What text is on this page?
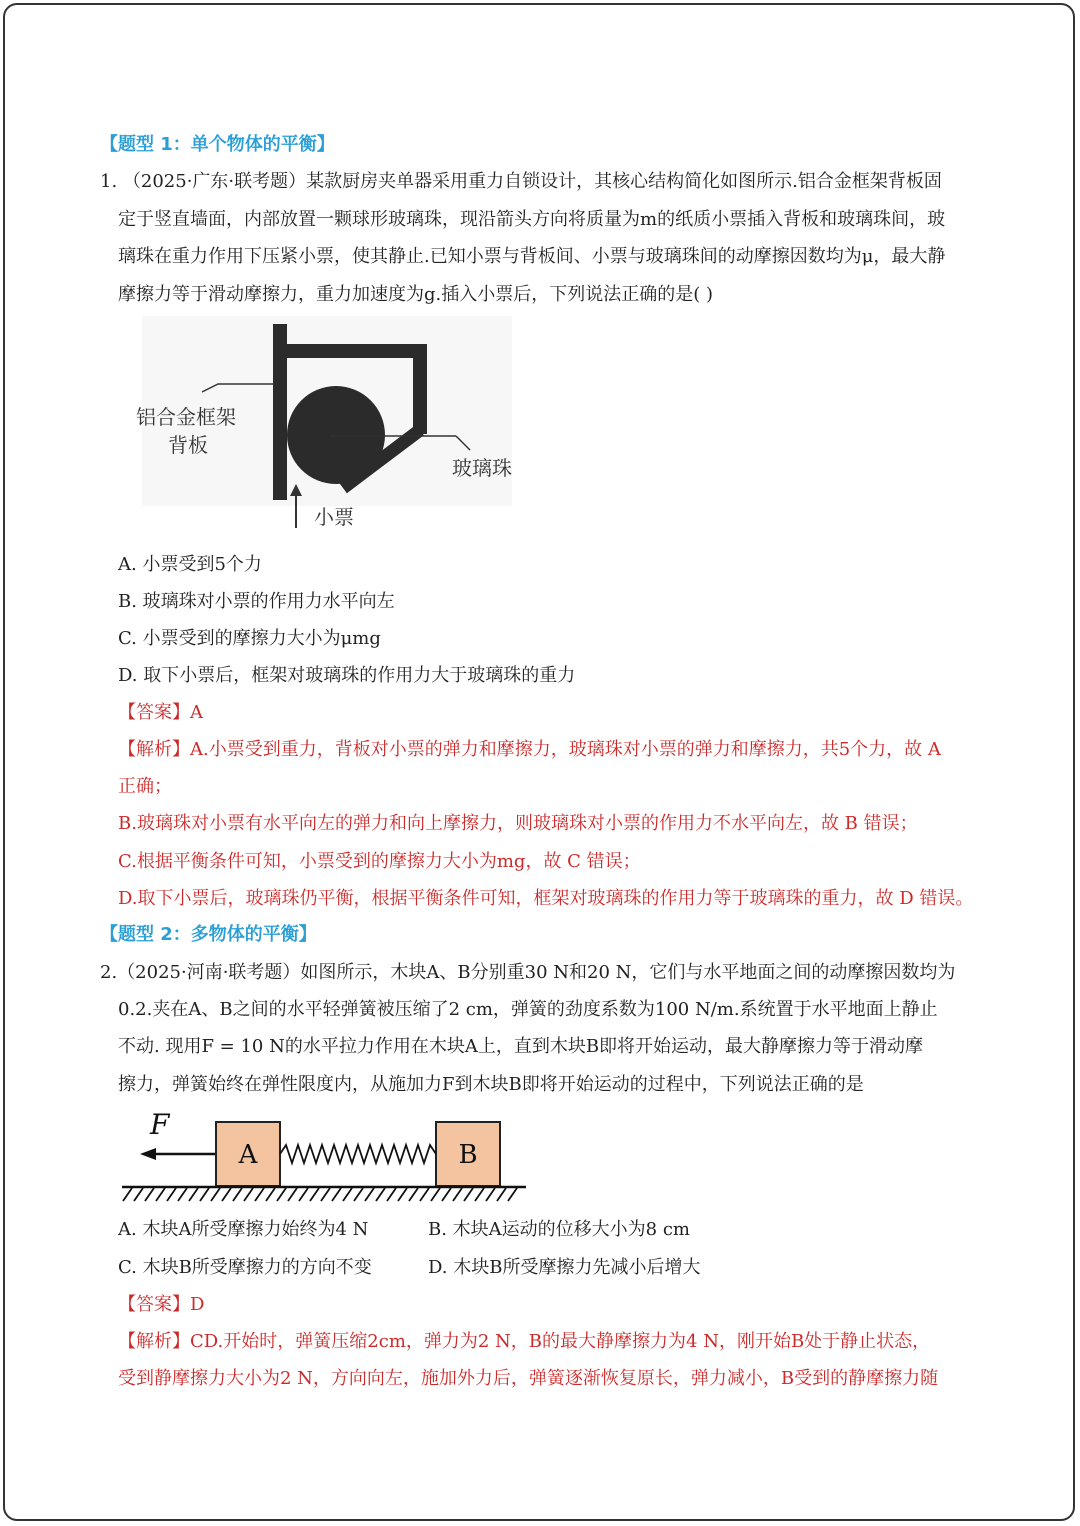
【题型 1：单个物体的平衡】
1. （2025·广东·联考题）某款厨房夹单器采用重力自锁设计，其核心结构简化如图所示.铝合金框架背板固
定于竖直墙面，内部放置一颗球形玻璃珠，现沿箭头方向将质量为m的纸质小票插入背板和玻璃珠间，玻
璃珠在重力作用下压紧小票，使其静止.已知小票与背板间、小票与玻璃珠间的动摩擦因数均为μ，最大静
摩擦力等于滑动摩擦力，重力加速度为g.插入小票后，下列说法正确的是( )
铝合金框架
背板
玻璃珠
小票
A. 小票受到5个力
B. 玻璃珠对小票的作用力水平向左
C. 小票受到的摩擦力大小为μmg
D. 取下小票后，框架对玻璃珠的作用力大于玻璃珠的重力
【答案】A
【解析】A.小票受到重力，背板对小票的弹力和摩擦力，玻璃珠对小票的弹力和摩擦力，共5个力，故 A
正确；
B.玻璃珠对小票有水平向左的弹力和向上摩擦力，则玻璃珠对小票的作用力不水平向左，故 B 错误；
C.根据平衡条件可知，小票受到的摩擦力大小为mg，故 C 错误；
D.取下小票后，玻璃珠仍平衡，根据平衡条件可知，框架对玻璃珠的作用力等于玻璃珠的重力，故 D 错误。
【题型 2：多物体的平衡】
2.（2025·河南·联考题）如图所示，木块A、B分别重30 N和20 N，它们与水平地面之间的动摩擦因数均为
0.2.夹在A、B之间的水平轻弹簧被压缩了2 cm，弹簧的劲度系数为100 N/m.系统置于水平地面上静止
不动. 现用F = 10 N的水平拉力作用在木块A上，直到木块B即将开始运动，最大静摩擦力等于滑动摩
擦力，弹簧始终在弹性限度内，从施加力F到木块B即将开始运动的过程中，下列说法正确的是
F
A	B
A. 木块A所受摩擦力始终为4 N	B. 木块A运动的位移大小为8 cm
C. 木块B所受摩擦力的方向不变	D. 木块B所受摩擦力先减小后增大
【答案】D
【解析】CD.开始时，弹簧压缩2cm，弹力为2 N，B的最大静摩擦力为4 N，刚开始B处于静止状态，
受到静摩擦力大小为2 N，方向向左，施加外力后，弹簧逐渐恢复原长，弹力减小，B受到的静摩擦力随
